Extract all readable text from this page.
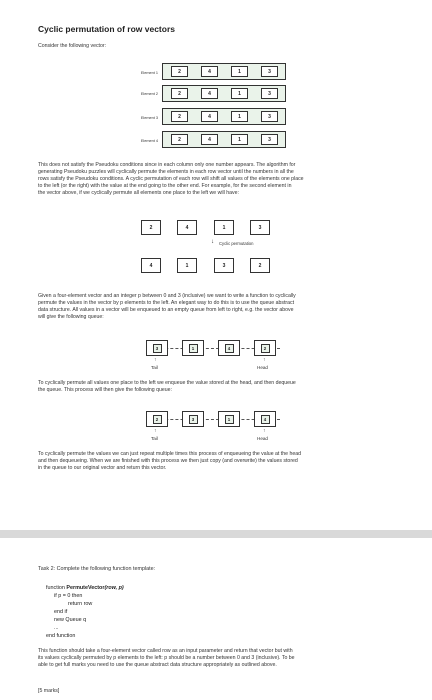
Cyclic permutation of row vectors
Consider the following vector:
Element 1	2	4	1	3
Element 2	2	4	1	3
Element 3	2	4	1	3
Element 4	2	4	1	3
This does not satisfy the Pseudoku conditions since in each column only one number appears. The algorithm for
generating Pseudoku puzzles will cyclically permute the elements in each row vector until the numbers in all the
rows satisfy the Pseudoku conditions. A cyclic permutation of each row will shift all values of the elements one place
to the left (or the right) with the value at the end going to the other end. For example, for the second element in
the vector above, if we cyclically permute all elements one place to the left we will have:
2	4	1	3
↓ Cyclic permutation
4	1	3	2
Given a four-element vector and an integer p between 0 and 3 (inclusive) we want to write a function to cyclically
permute the values in the vector by p elements to the left. An elegant way to do this is to use the queue abstract
data structure. All values in a vector will be enqueued to an empty queue from left to right, e.g. the vector above
will give the following queue:
3	1	4	2
↑
Tail
↑
Head
To cyclically permute all values one place to the left we enqueue the value stored at the head, and then dequeue
the queue. This process will then give the following queue:
2	3	1	4
↑
Tail
↑
Head
To cyclically permute the values we can just repeat multiple times this process of enqueueing the value at the head
and then dequeueing. When we are finished with this process we then just copy (and overwrite) the values stored
in the queue to our original vector and return this vector.
Task 2: Complete the following function template:
function PermuteVector(row, p)
if p = 0 then
return row
end if
new Queue q
...
end function
This function should take a four-element vector called row as an input parameter and return that vector but with
its values cyclically permuted by p elements to the left: p should be a number between 0 and 3 (inclusive). To be
able to get full marks you need to use the queue abstract data structure appropriately as outlined above.
[5 marks]
